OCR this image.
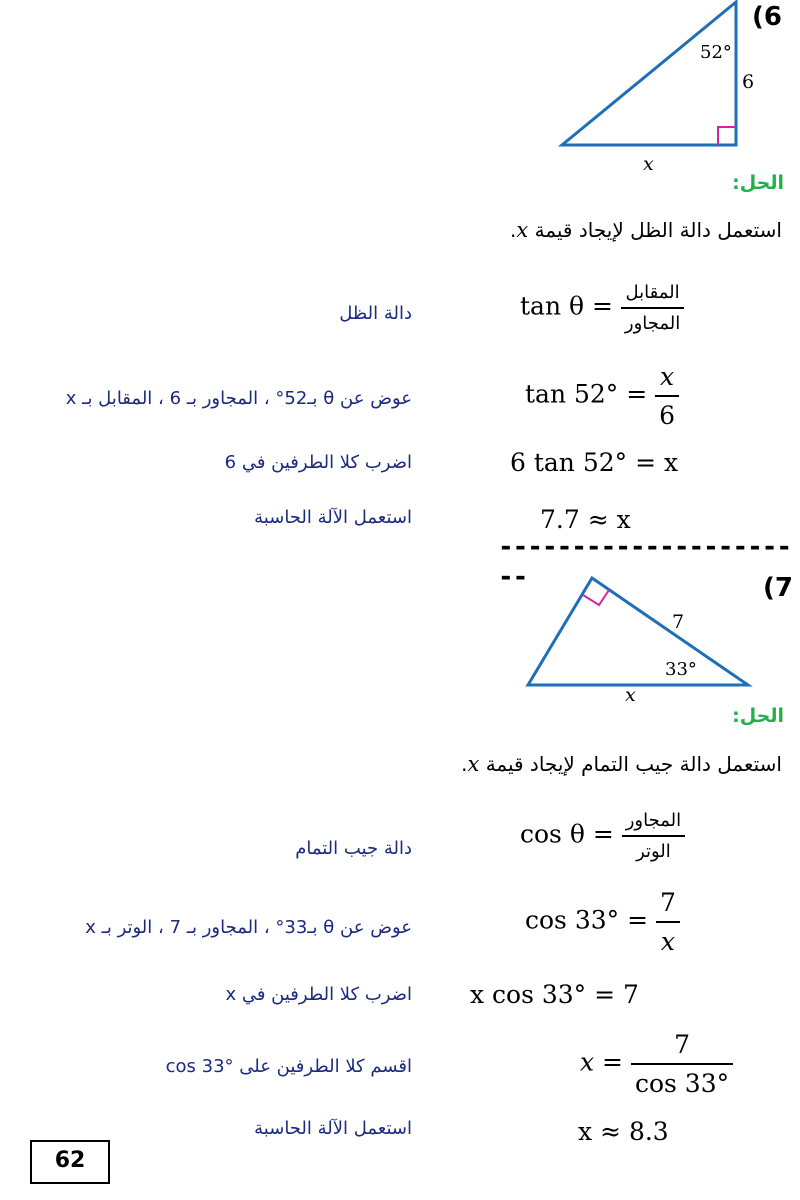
(6
52°
6
x
الحل:
استعمل دالة الظل لإيجاد قيمة x.
$\tan \theta = \frac{\text{المقابل}}{\text{المجاور}}$
دالة الظل
$\tan 52^\circ = \frac{x}{6}$
عوض عن θ بـ52° ، المجاور بـ 6 ، المقابل بـ x
6 tan 52° = x
اضرب كلا الطرفين في 6
7.7 ≈ x
استعمل الآلة الحاسبة
----------------------	(7
7
33°
x
الحل:
استعمل دالة جيب التمام لإيجاد قيمة x.
$\cos \theta = \frac{\text{المجاور}}{\text{الوتر}}$
دالة جيب التمام
$\cos 33^\circ = \frac{7}{x}$
عوض عن θ بـ33° ، المجاور بـ 7 ، الوتر بـ x
x cos 33° = 7
اضرب كلا الطرفين في x
$x = \frac{7}{\cos 33^\circ}$
اقسم كلا الطرفين على cos 33°
x ≈ 8.3
استعمل الآلة الحاسبة
62
